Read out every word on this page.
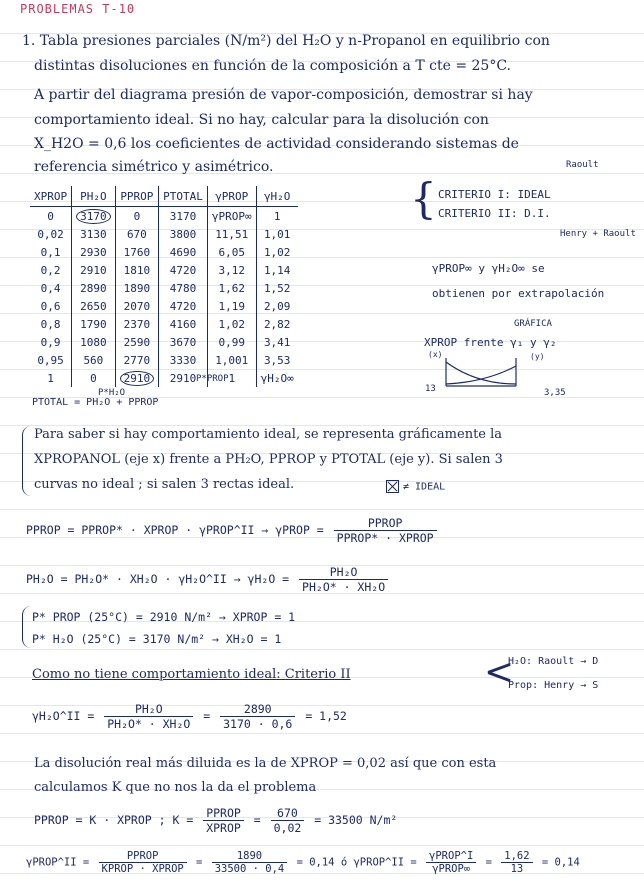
PROBLEMAS T-10
1. Tabla presiones parciales (N/m²) del H₂O y n-Propanol en equilibrio con
distintas disoluciones en función de la composición a T cte = 25°C.
A partir del diagrama presión de vapor-composición, demostrar si hay
comportamiento ideal. Si no hay, calcular para la disolución con
X_H2O = 0,6 los coeficientes de actividad considerando sistemas de
referencia simétrico y asimétrico.
XPROP	PH₂O	PPROP	PTOTAL	γPROP	γH₂O
0	3170	0	3170	γPROP∞	1
0,02	3130	670	3800	11,51	1,01
0,1	2930	1760	4690	6,05	1,02
0,2	2910	1810	4720	3,12	1,14
0,4	2890	1890	4780	1,62	1,52
0,6	2650	2070	4720	1,19	2,09
0,8	1790	2370	4160	1,02	2,82
0,9	1080	2590	3670	0,99	3,41
0,95	560	2770	3330	1,001	3,53
1	0	2910	2910	1	γH₂O∞
P*H₂O
P*PROP
Raoult
{ CRITERIO I: IDEAL
CRITERIO II: D.I.
Henry + Raoult
γPROP∞ y γH₂O∞ se
obtienen por extrapolación
GRÁFICA
XPROP frente γ₁ y γ₂
(x)	(y)
13	3,35
PTOTAL = PH₂O + PPROP
Para saber si hay comportamiento ideal, se representa gráficamente la
XPROPANOL (eje x) frente a PH₂O, PPROP y PTOTAL (eje y). Si salen 3
curvas no ideal ; si salen 3 rectas ideal.	≠ IDEAL
PPROP = PPROP* · XPROP · γPROP^II → γPROP = $\frac{\text{PPROP}}{\text{PPROP* · XPROP}}$
PH₂O = PH₂O* · XH₂O · γH₂O^II → $\gamma H_2O = \frac{\text{PH₂O}}{\text{PH₂O* · XH₂O}}$
P* PROP (25°C) = 2910 N/m² → XPROP = 1
P* H₂O (25°C) = 3170 N/m² → XH₂O = 1
Como no tiene comportamiento ideal: Criterio II	<
H₂O: Raoult → D
Prop: Henry → S
γH₂O^II = $\frac{\text{PH₂O}}{\text{PH₂O* · XH₂O}} = \frac{2890}{3170 \cdot 0,6} = 1,52$
La disolución real más diluida es la de XPROP = 0,02 así que con esta
calculamos K que no nos la da el problema
PPROP = K · XPROP ; $K = \frac{\text{PPROP}}{\text{XPROP}} = \frac{670}{0,02} = 33500$ N/m²
γPROP^II = $\frac{\text{PPROP}}{\text{KPROP · XPROP}} = \frac{1890}{33500 \cdot 0,4} = 0,14$ ó γPROP^II = $\frac{\text{γPROP\textasciicircum{}I}}{\text{γPROP∞}} = \frac{1,62}{13} = 0,14$
